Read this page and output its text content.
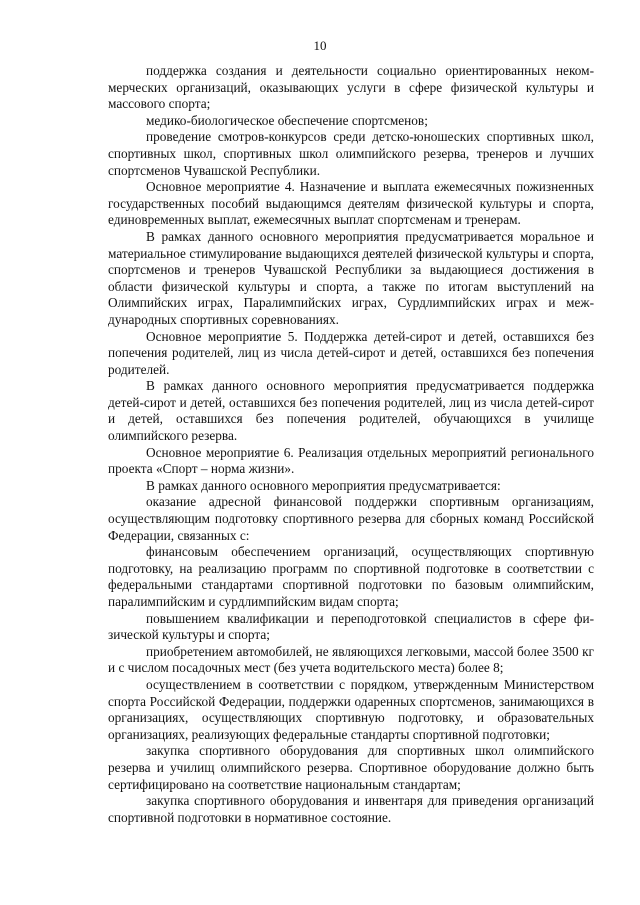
10

поддержка создания и деятельности социально ориентированных некоммерческих организаций, оказывающих услуги в сфере физической культуры и массового спорта;

медико-биологическое обеспечение спортсменов;

проведение смотров-конкурсов среди детско-юношеских спортивных школ, спортивных школ, спортивных школ олимпийского резерва, тренеров и лучших спортсменов Чувашской Республики.

Основное мероприятие 4. Назначение и выплата ежемесячных пожизненных государственных пособий выдающимся деятелям физической культуры и спорта, единовременных выплат, ежемесячных выплат спортсменам и тренерам.

В рамках данного основного мероприятия предусматривается моральное и материальное стимулирование выдающихся деятелей физической культуры и спорта, спортсменов и тренеров Чувашской Республики за выдающиеся достижения в области физической культуры и спорта, а также по итогам выступлений на Олимпийских играх, Паралимпийских играх, Сурдлимпийских играх и международных спортивных соревнованиях.

Основное мероприятие 5. Поддержка детей-сирот и детей, оставшихся без попечения родителей, лиц из числа детей-сирот и детей, оставшихся без попечения родителей.

В рамках данного основного мероприятия предусматривается поддержка детей-сирот и детей, оставшихся без попечения родителей, лиц из числа детей-сирот и детей, оставшихся без попечения родителей, обучающихся в училище олимпийского резерва.

Основное мероприятие 6. Реализация отдельных мероприятий регионального проекта «Спорт – норма жизни».

В рамках данного основного мероприятия предусматривается:

оказание адресной финансовой поддержки спортивным организациям, осуществляющим подготовку спортивного резерва для сборных команд Российской Федерации, связанных с:

финансовым обеспечением организаций, осуществляющих спортивную подготовку, на реализацию программ по спортивной подготовке в соответствии с федеральными стандартами спортивной подготовки по базовым олимпийским, паралимпийским и сурдлимпийским видам спорта;

повышением квалификации и переподготовкой специалистов в сфере физической культуры и спорта;

приобретением автомобилей, не являющихся легковыми, массой более 3500 кг и с числом посадочных мест (без учета водительского места) более 8;

осуществлением в соответствии с порядком, утвержденным Министерством спорта Российской Федерации, поддержки одаренных спортсменов, занимающихся в организациях, осуществляющих спортивную подготовку, и образовательных организациях, реализующих федеральные стандарты спортивной подготовки;

закупка спортивного оборудования для спортивных школ олимпийского резерва и училищ олимпийского резерва. Спортивное оборудование должно быть сертифицировано на соответствие национальным стандартам;

закупка спортивного оборудования и инвентаря для приведения организаций спортивной подготовки в нормативное состояние.
